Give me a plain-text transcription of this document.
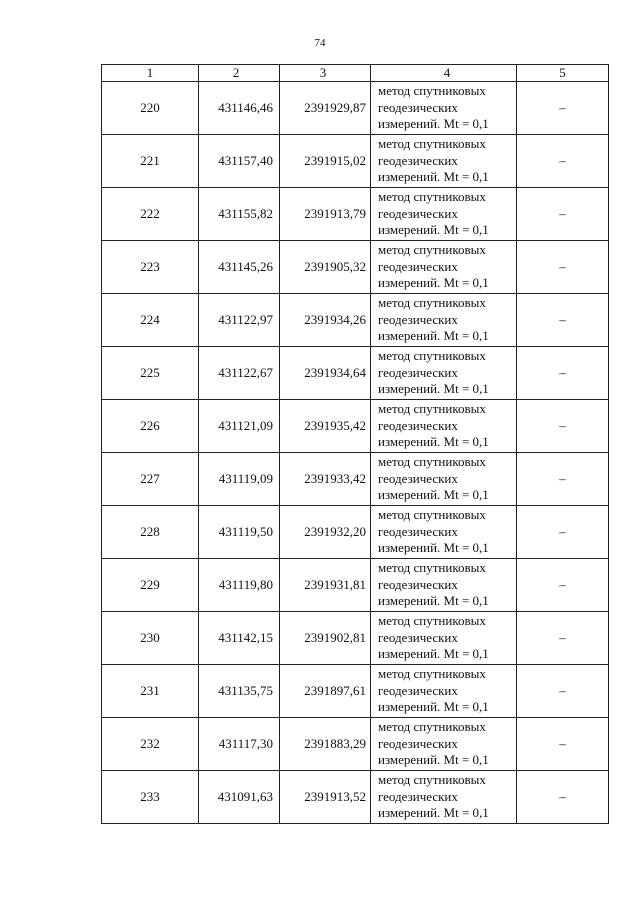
74
1	2	3	4	5
220	431146,46	2391929,87	метод спутниковых
геодезических
измерений. Mt = 0,1	–
221	431157,40	2391915,02	метод спутниковых
геодезических
измерений. Mt = 0,1	–
222	431155,82	2391913,79	метод спутниковых
геодезических
измерений. Mt = 0,1	–
223	431145,26	2391905,32	метод спутниковых
геодезических
измерений. Mt = 0,1	–
224	431122,97	2391934,26	метод спутниковых
геодезических
измерений. Mt = 0,1	–
225	431122,67	2391934,64	метод спутниковых
геодезических
измерений. Mt = 0,1	–
226	431121,09	2391935,42	метод спутниковых
геодезических
измерений. Mt = 0,1	–
227	431119,09	2391933,42	метод спутниковых
геодезических
измерений. Mt = 0,1	–
228	431119,50	2391932,20	метод спутниковых
геодезических
измерений. Mt = 0,1	–
229	431119,80	2391931,81	метод спутниковых
геодезических
измерений. Mt = 0,1	–
230	431142,15	2391902,81	метод спутниковых
геодезических
измерений. Mt = 0,1	–
231	431135,75	2391897,61	метод спутниковых
геодезических
измерений. Mt = 0,1	–
232	431117,30	2391883,29	метод спутниковых
геодезических
измерений. Mt = 0,1	–
233	431091,63	2391913,52	метод спутниковых
геодезических
измерений. Mt = 0,1	–
